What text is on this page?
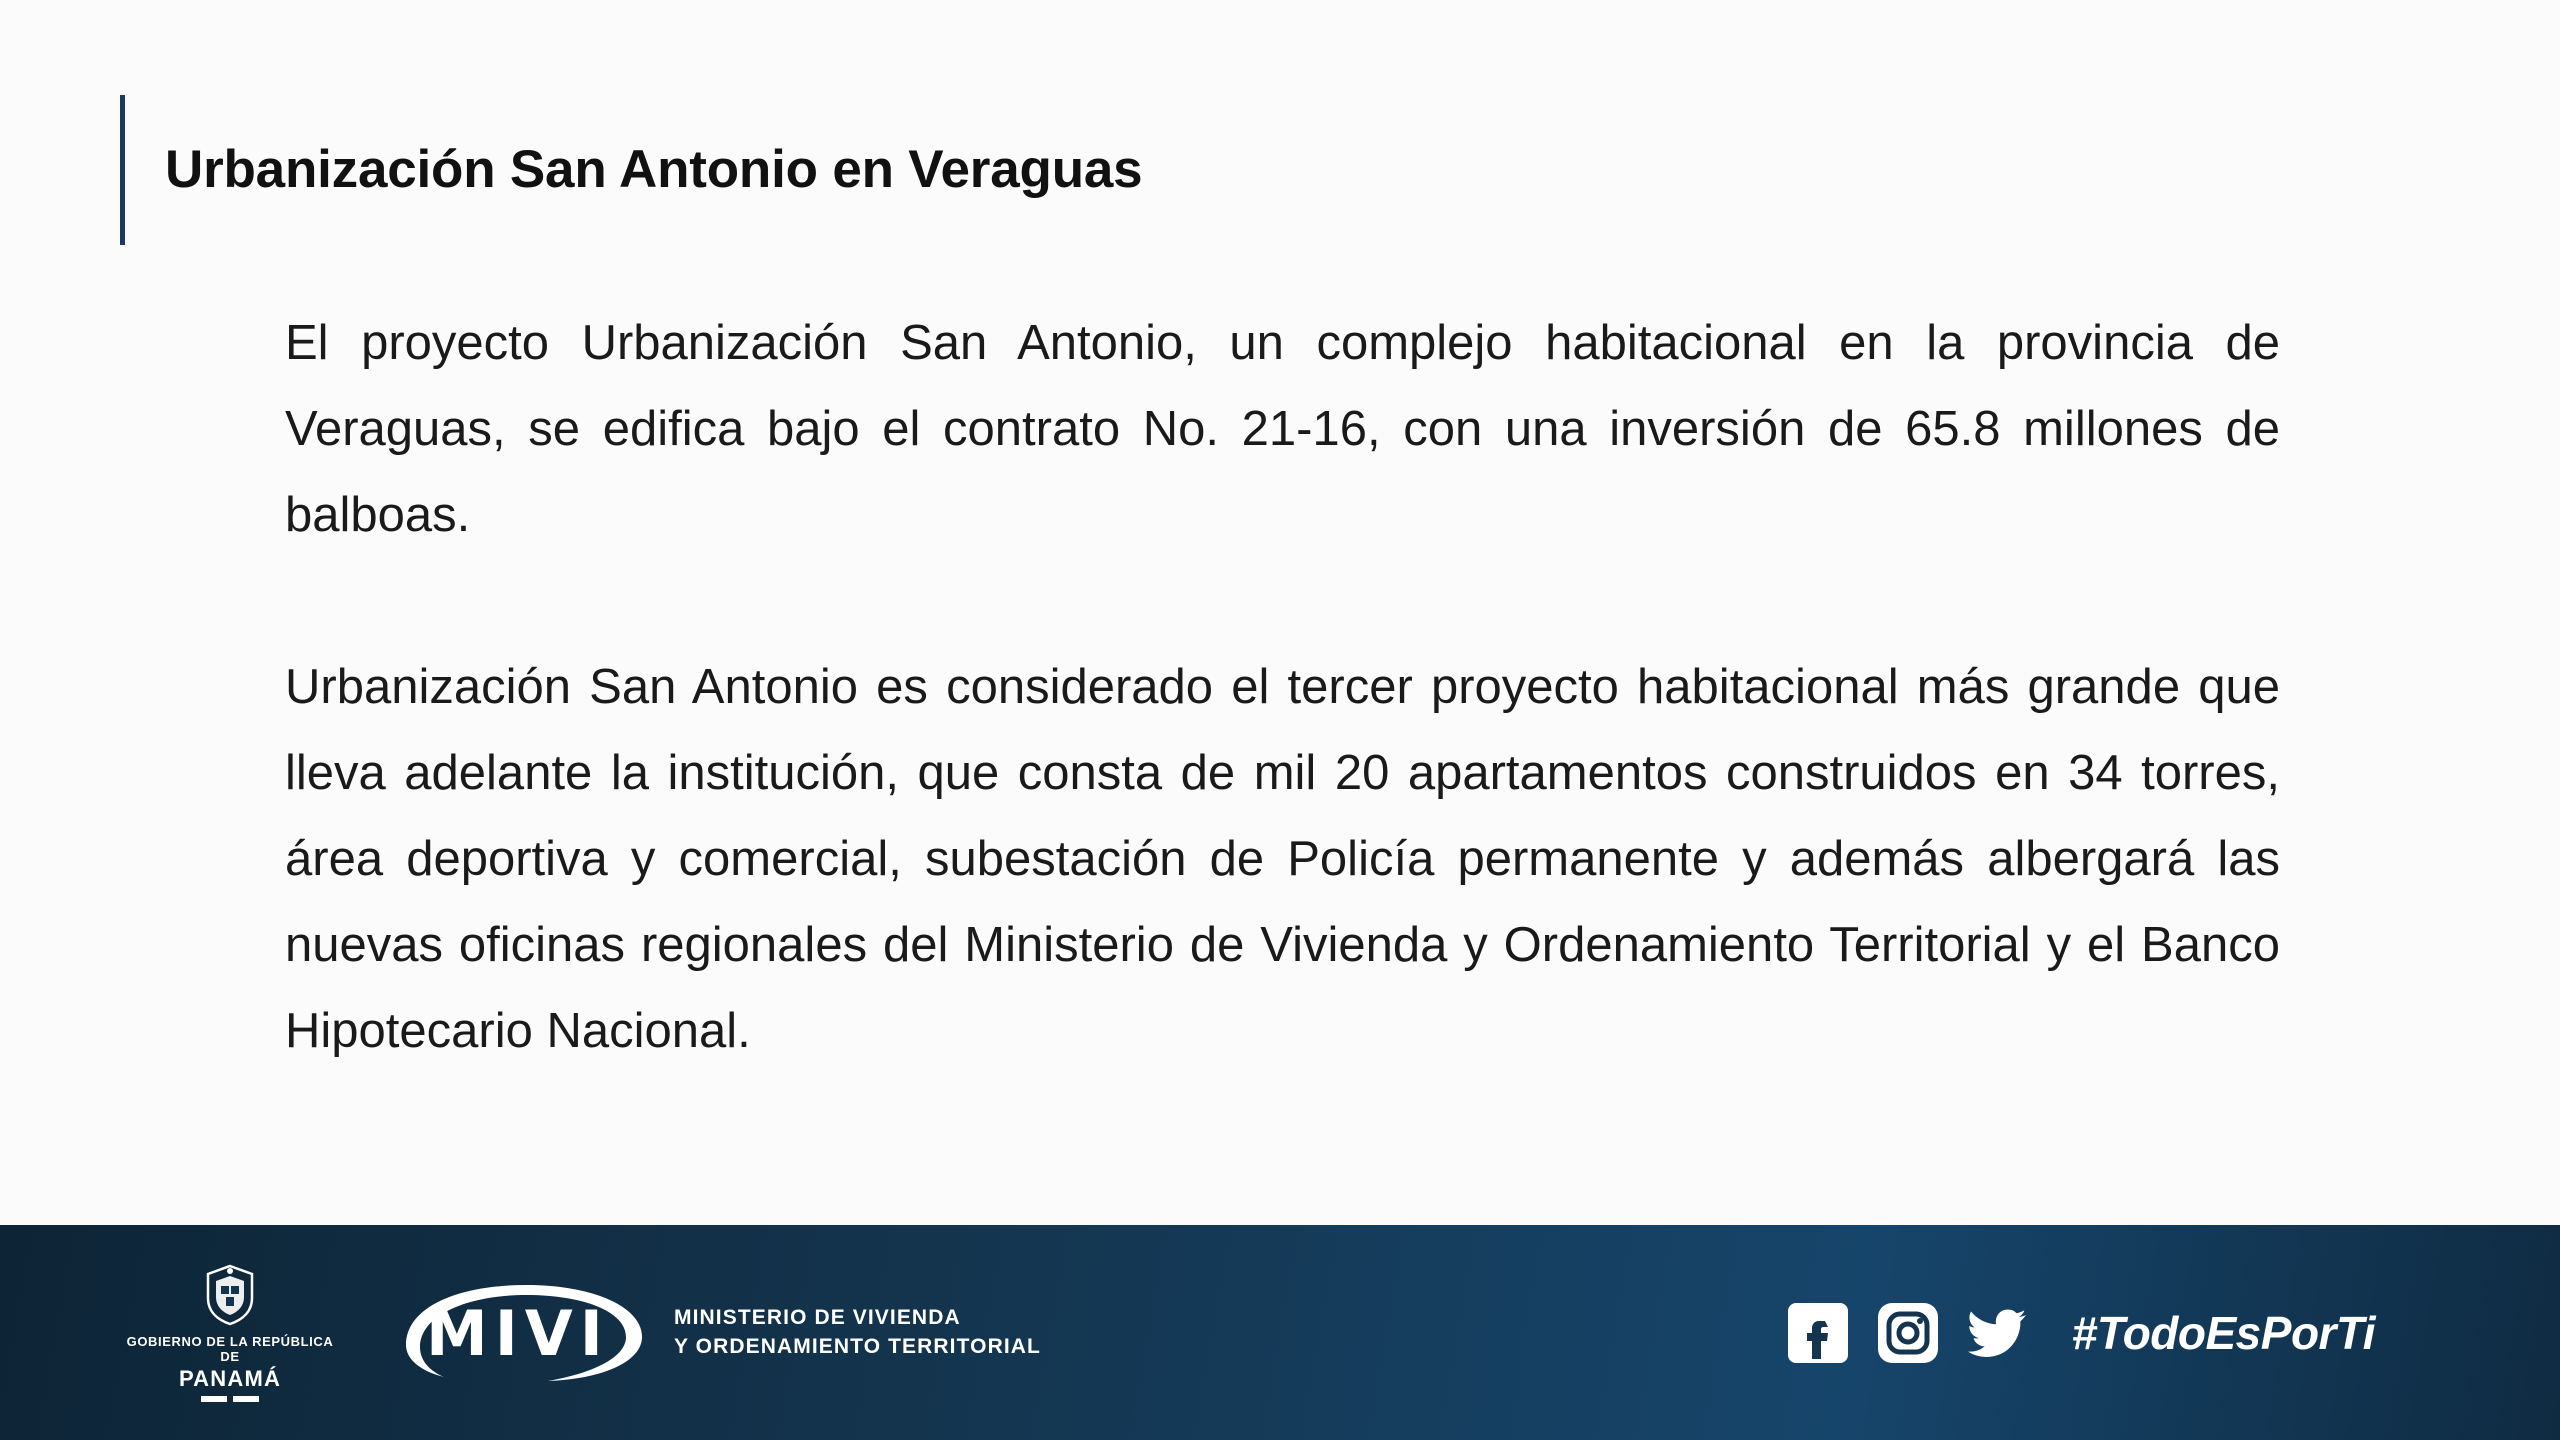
Urbanización San Antonio en Veraguas

El proyecto Urbanización San Antonio, un complejo habitacional en la provincia de Veraguas, se edifica bajo el contrato No. 21-16, con una inversión de 65.8 millones de balboas.

Urbanización San Antonio es considerado el tercer proyecto habitacional más grande que lleva adelante la institución, que consta de mil 20 apartamentos construidos en 34 torres, área deportiva y comercial, subestación de Policía permanente y además albergará las nuevas oficinas regionales del Ministerio de Vivienda y Ordenamiento Territorial y el Banco Hipotecario Nacional.

GOBIERNO DE LA REPÚBLICA DE
PANAMÁ
MIVI	MINISTERIO DE VIVIENDA
Y ORDENAMIENTO TERRITORIAL	#TodoEsPorTi
